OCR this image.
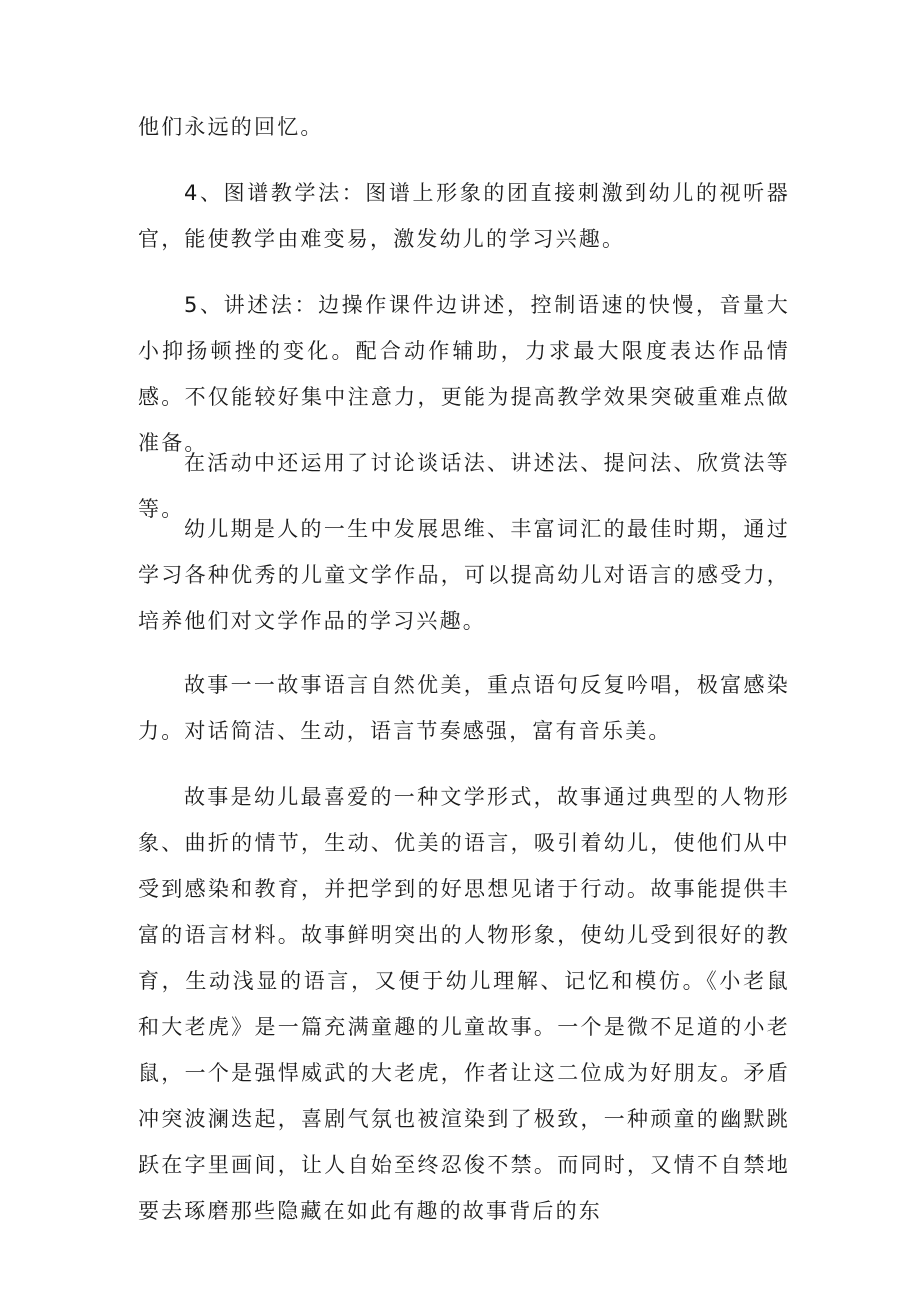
他们永远的回忆。

4、图谱教学法：图谱上形象的团直接刺激到幼儿的视听器官，能使教学由难变易，激发幼儿的学习兴趣。

5、讲述法：边操作课件边讲述，控制语速的快慢，音量大小抑扬顿挫的变化。配合动作辅助，力求最大限度表达作品情感。不仅能较好集中注意力，更能为提高教学效果突破重难点做准备。

在活动中还运用了讨论谈话法、讲述法、提问法、欣赏法等等。

幼儿期是人的一生中发展思维、丰富词汇的最佳时期，通过学习各种优秀的儿童文学作品，可以提高幼儿对语言的感受力，培养他们对文学作品的学习兴趣。

故事一一故事语言自然优美，重点语句反复吟唱，极富感染力。对话简洁、生动，语言节奏感强，富有音乐美。

故事是幼儿最喜爱的一种文学形式，故事通过典型的人物形象、曲折的情节，生动、优美的语言，吸引着幼儿，使他们从中受到感染和教育，并把学到的好思想见诸于行动。故事能提供丰富的语言材料。故事鲜明突出的人物形象，使幼儿受到很好的教育，生动浅显的语言，又便于幼儿理解、记忆和模仿。《小老鼠和大老虎》是一篇充满童趣的儿童故事。一个是微不足道的小老鼠，一个是强悍威武的大老虎，作者让这二位成为好朋友。矛盾冲突波澜迭起，喜剧气氛也被渲染到了极致，一种顽童的幽默跳跃在字里画间，让人自始至终忍俊不禁。而同时，又情不自禁地要去琢磨那些隐藏在如此有趣的故事背后的东
